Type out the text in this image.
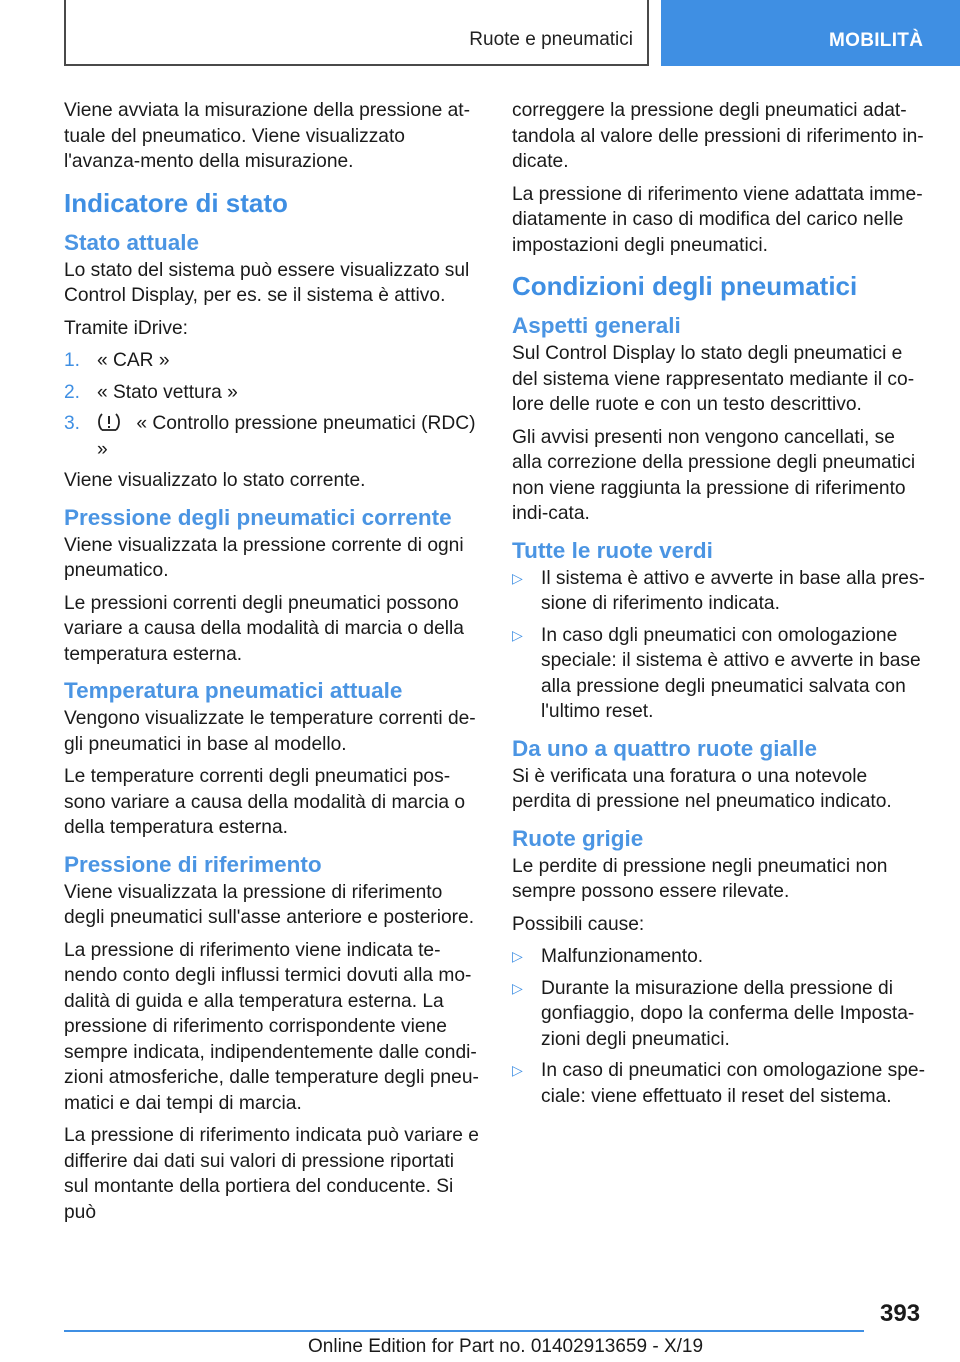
Ruote e pneumatici	MOBILITÀ

Viene avviata la misurazione della pressione at-tuale del pneumatico. Viene visualizzato l'avanza-mento della misurazione.

Indicatore di stato
Stato attuale

Lo stato del sistema può essere visualizzato sul Control Display, per es. se il sistema è attivo.

Tramite iDrive:

1. « CAR »
2. « Stato vettura »
3.	« Controllo pressione pneumatici (RDC) »

Viene visualizzato lo stato corrente.

Pressione degli pneumatici corrente

Viene visualizzata la pressione corrente di ogni pneumatico.

Le pressioni correnti degli pneumatici possono variare a causa della modalità di marcia o della temperatura esterna.

Temperatura pneumatici attuale

Vengono visualizzate le temperature correnti de-gli pneumatici in base al modello.

Le temperature correnti degli pneumatici pos-sono variare a causa della modalità di marcia o della temperatura esterna.

Pressione di riferimento

Viene visualizzata la pressione di riferimento degli pneumatici sull'asse anteriore e posteriore.

La pressione di riferimento viene indicata te-nendo conto degli influssi termici dovuti alla mo-dalità di guida e alla temperatura esterna. La pressione di riferimento corrispondente viene sempre indicata, indipendentemente dalle condi-zioni atmosferiche, dalle temperature degli pneu-matici e dai tempi di marcia.

La pressione di riferimento indicata può variare e differire dai dati sui valori di pressione riportati sul montante della portiera del conducente. Si può

correggere la pressione degli pneumatici adat-tandola al valore delle pressioni di riferimento in-dicate.

La pressione di riferimento viene adattata imme-diatamente in caso di modifica del carico nelle impostazioni degli pneumatici.

Condizioni degli pneumatici
Aspetti generali

Sul Control Display lo stato degli pneumatici e del sistema viene rappresentato mediante il co-lore delle ruote e con un testo descrittivo.

Gli avvisi presenti non vengono cancellati, se alla correzione della pressione degli pneumatici non viene raggiunta la pressione di riferimento indi-cata.

Tutte le ruote verdi
▷ Il sistema è attivo e avverte in base alla pres-sione di riferimento indicata.
▷ In caso dgli pneumatici con omologazione speciale: il sistema è attivo e avverte in base alla pressione degli pneumatici salvata con l'ultimo reset.
Da uno a quattro ruote gialle

Si è verificata una foratura o una notevole perdita di pressione nel pneumatico indicato.

Ruote grigie

Le perdite di pressione negli pneumatici non sempre possono essere rilevate.

Possibili cause:

▷ Malfunzionamento.
▷ Durante la misurazione della pressione di gonfiaggio, dopo la conferma delle Imposta-zioni degli pneumatici.
▷ In caso di pneumatici con omologazione spe-ciale: viene effettuato il reset del sistema.
393
Online Edition for Part no. 01402913659 - X/19
